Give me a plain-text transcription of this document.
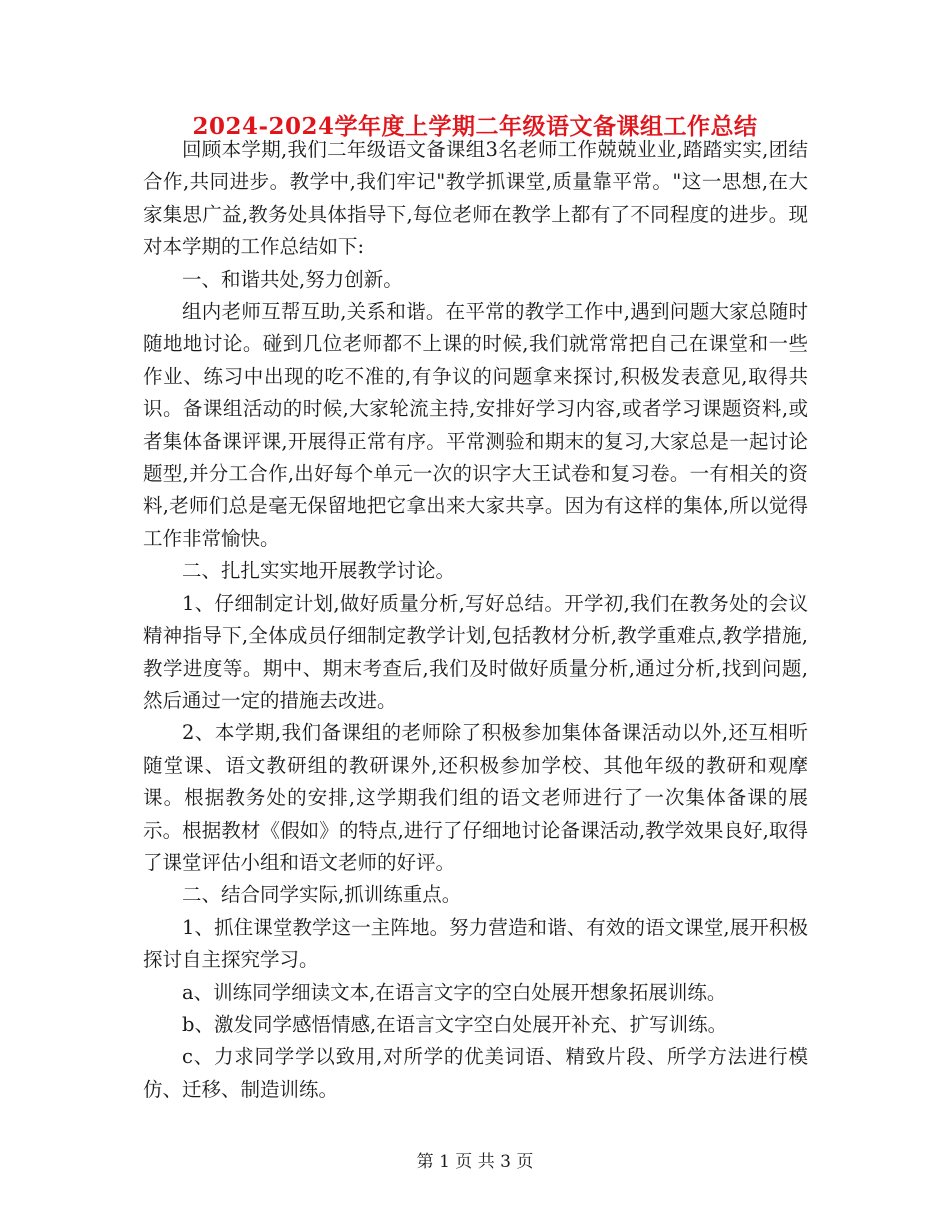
2024-2024学年度上学期二年级语文备课组工作总结

回顾本学期,我们二年级语文备课组3名老师工作兢兢业业,踏踏实实,团结合作,共同进步。教学中,我们牢记"教学抓课堂,质量靠平常。"这一思想,在大家集思广益,教务处具体指导下,每位老师在教学上都有了不同程度的进步。现对本学期的工作总结如下:

一、和谐共处,努力创新。

组内老师互帮互助,关系和谐。在平常的教学工作中,遇到问题大家总随时随地地讨论。碰到几位老师都不上课的时候,我们就常常把自己在课堂和一些作业、练习中出现的吃不准的,有争议的问题拿来探讨,积极发表意见,取得共识。备课组活动的时候,大家轮流主持,安排好学习内容,或者学习课题资料,或者集体备课评课,开展得正常有序。平常测验和期末的复习,大家总是一起讨论题型,并分工合作,出好每个单元一次的识字大王试卷和复习卷。一有相关的资料,老师们总是毫无保留地把它拿出来大家共享。因为有这样的集体,所以觉得工作非常愉快。

二、扎扎实实地开展教学讨论。

1、仔细制定计划,做好质量分析,写好总结。开学初,我们在教务处的会议精神指导下,全体成员仔细制定教学计划,包括教材分析,教学重难点,教学措施,教学进度等。期中、期末考查后,我们及时做好质量分析,通过分析,找到问题,然后通过一定的措施去改进。

2、本学期,我们备课组的老师除了积极参加集体备课活动以外,还互相听随堂课、语文教研组的教研课外,还积极参加学校、其他年级的教研和观摩课。根据教务处的安排,这学期我们组的语文老师进行了一次集体备课的展示。根据教材《假如》的特点,进行了仔细地讨论备课活动,教学效果良好,取得了课堂评估小组和语文老师的好评。

二、结合同学实际,抓训练重点。

1、抓住课堂教学这一主阵地。努力营造和谐、有效的语文课堂,展开积极探讨自主探究学习。

a、训练同学细读文本,在语言文字的空白处展开想象拓展训练。

b、激发同学感悟情感,在语言文字空白处展开补充、扩写训练。

c、力求同学学以致用,对所学的优美词语、精致片段、所学方法进行模仿、迁移、制造训练。

第 1 页 共 3 页
